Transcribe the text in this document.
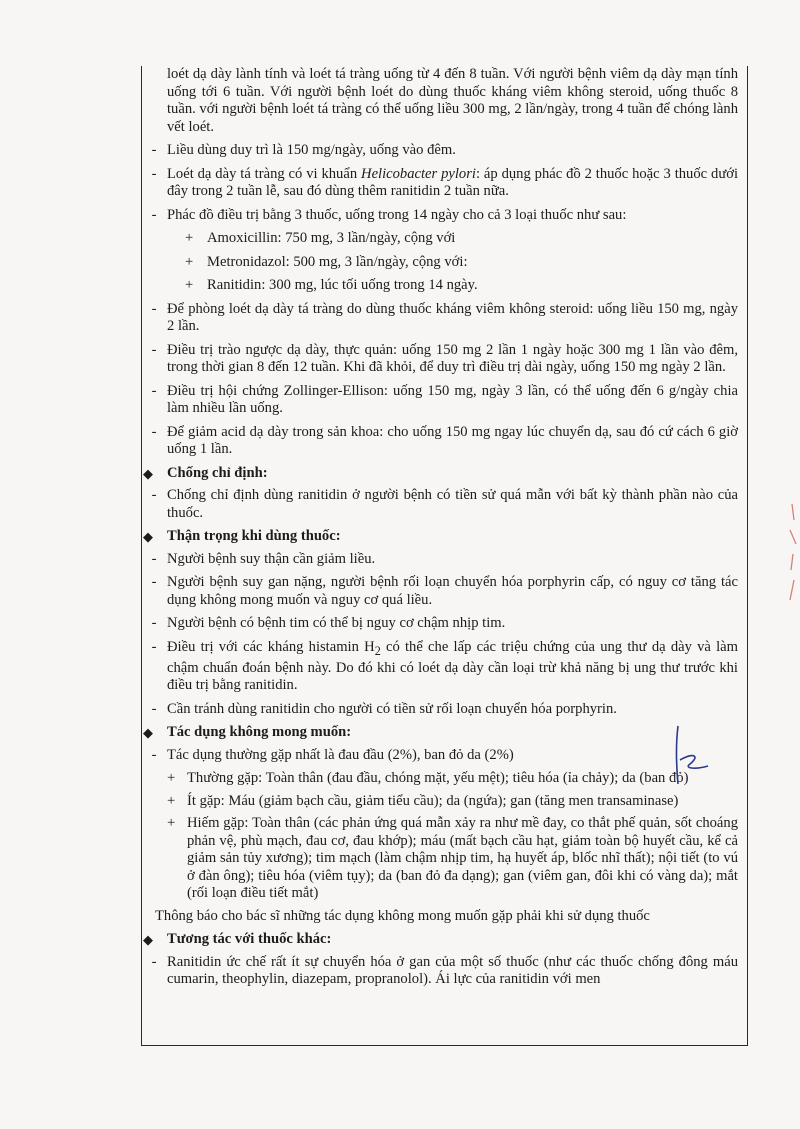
loét dạ dày lành tính và loét tá tràng uống từ 4 đến 8 tuần. Với người bệnh viêm dạ dày mạn tính uống tới 6 tuần. Với người bệnh loét do dùng thuốc kháng viêm không steroid, uống thuốc 8 tuần. với người bệnh loét tá tràng có thể uống liều 300 mg, 2 lần/ngày, trong 4 tuần để chóng lành vết loét.

- Liều dùng duy trì là 150 mg/ngày, uống vào đêm.
- Loét dạ dày tá tràng có vi khuẩn Helicobacter pylori: áp dụng phác đồ 2 thuốc hoặc 3 thuốc dưới đây trong 2 tuần lễ, sau đó dùng thêm ranitidin 2 tuần nữa.
- Phác đồ điều trị bằng 3 thuốc, uống trong 14 ngày cho cả 3 loại thuốc như sau:
+ Amoxicillin: 750 mg, 3 lần/ngày, cộng với
+ Metronidazol: 500 mg, 3 lần/ngày, cộng với:
+ Ranitidin: 300 mg, lúc tối uống trong 14 ngày.
- Để phòng loét dạ dày tá tràng do dùng thuốc kháng viêm không steroid: uống liều 150 mg, ngày 2 lần.
- Điều trị trào ngược dạ dày, thực quản: uống 150 mg 2 lần 1 ngày hoặc 300 mg 1 lần vào đêm, trong thời gian 8 đến 12 tuần. Khi đã khỏi, để duy trì điều trị dài ngày, uống 150 mg ngày 2 lần.
- Điều trị hội chứng Zollinger-Ellison: uống 150 mg, ngày 3 lần, có thể uống đến 6 g/ngày chia làm nhiều lần uống.
- Để giảm acid dạ dày trong sản khoa: cho uống 150 mg ngay lúc chuyển dạ, sau đó cứ cách 6 giờ uống 1 lần.
◆ Chống chỉ định:
- Chống chỉ định dùng ranitidin ở người bệnh có tiền sử quá mẫn với bất kỳ thành phần nào của thuốc.
◆ Thận trọng khi dùng thuốc:
- Người bệnh suy thận cần giảm liều.
- Người bệnh suy gan nặng, người bệnh rối loạn chuyển hóa porphyrin cấp, có nguy cơ tăng tác dụng không mong muốn và nguy cơ quá liều.
- Người bệnh có bệnh tim có thể bị nguy cơ chậm nhịp tim.
- Điều trị với các kháng histamin $H_2$ có thể che lấp các triệu chứng của ung thư dạ dày và làm chậm chuẩn đoán bệnh này. Do đó khi có loét dạ dày cần loại trừ khả năng bị ung thư trước khi điều trị bằng ranitidin.
- Cần tránh dùng ranitidin cho người có tiền sử rối loạn chuyển hóa porphyrin.
◆ Tác dụng không mong muốn:
- Tác dụng thường gặp nhất là đau đầu (2%), ban đỏ da (2%)
+ Thường gặp: Toàn thân (đau đầu, chóng mặt, yếu mệt); tiêu hóa (ỉa chảy); da (ban đỏ)
+ Ít gặp: Máu (giảm bạch cầu, giảm tiểu cầu); da (ngứa); gan (tăng men transaminase)
+ Hiếm gặp: Toàn thân (các phản ứng quá mẫn xảy ra như mề đay, co thắt phế quản, sốt choáng phản vệ, phù mạch, đau cơ, đau khớp); máu (mất bạch cầu hạt, giảm toàn bộ huyết cầu, kể cả giảm sản tủy xương); tim mạch (làm chậm nhịp tim, hạ huyết áp, blốc nhĩ thất); nội tiết (to vú ở đàn ông); tiêu hóa (viêm tụy); da (ban đỏ đa dạng); gan (viêm gan, đôi khi có vàng da); mắt (rối loạn điều tiết mắt)

Thông báo cho bác sĩ những tác dụng không mong muốn gặp phải khi sử dụng thuốc

◆ Tương tác với thuốc khác:
- Ranitidin ức chế rất ít sự chuyển hóa ở gan của một số thuốc (như các thuốc chống đông máu cumarin, theophylin, diazepam, propranolol). Ái lực của ranitidin với men
